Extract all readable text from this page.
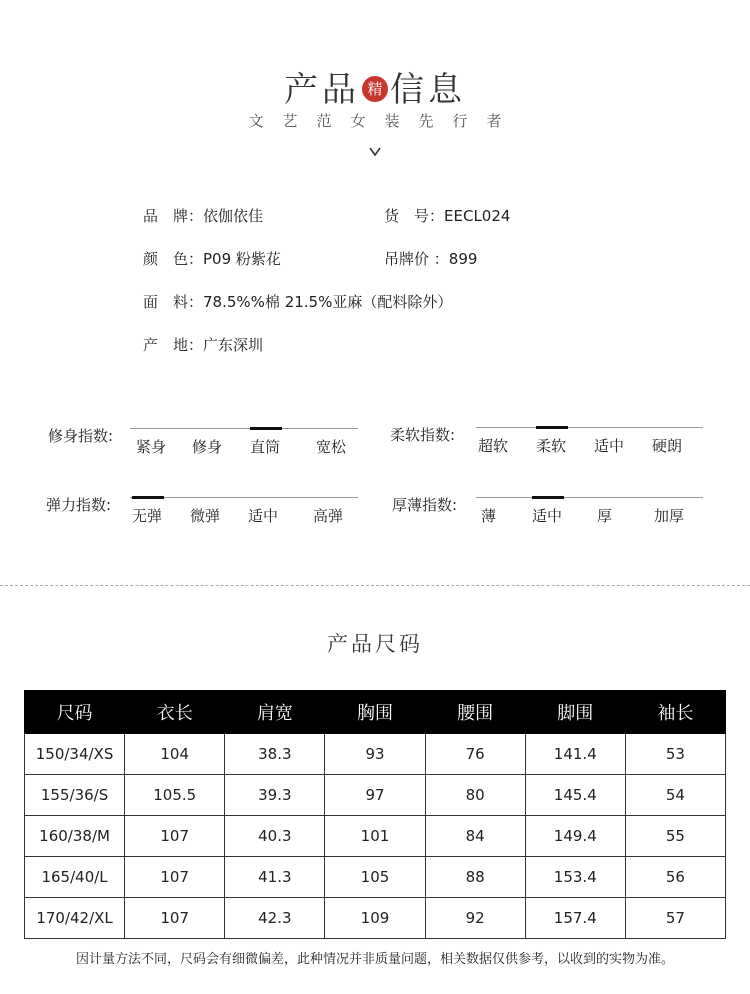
产品 精 信息
文艺范女装先行者
品　牌：依伽依佳	货　号：EECL024
颜　色：P09 粉紫花	吊牌价 ：899
面　料：78.5%%棉 21.5%亚麻（配料除外）
产　地：广东深圳
修身指数:
紧身 修身 直筒 宽松
柔软指数:
超软 柔软 适中 硬朗
弹力指数:
无弹 微弹 适中 高弹
厚薄指数:
薄 适中 厚	加厚
产品尺码
尺码	衣长	肩宽	胸围	腰围	脚围	袖长
150/34/XS	104	38.3	93	76	141.4	53
155/36/S	105.5	39.3	97	80	145.4	54
160/38/M	107	40.3	101	84	149.4	55
165/40/L	107	41.3	105	88	153.4	56
170/42/XL	107	42.3	109	92	157.4	57
因计量方法不同，尺码会有细微偏差，此种情况并非质量问题，相关数据仅供参考，以收到的实物为准。
